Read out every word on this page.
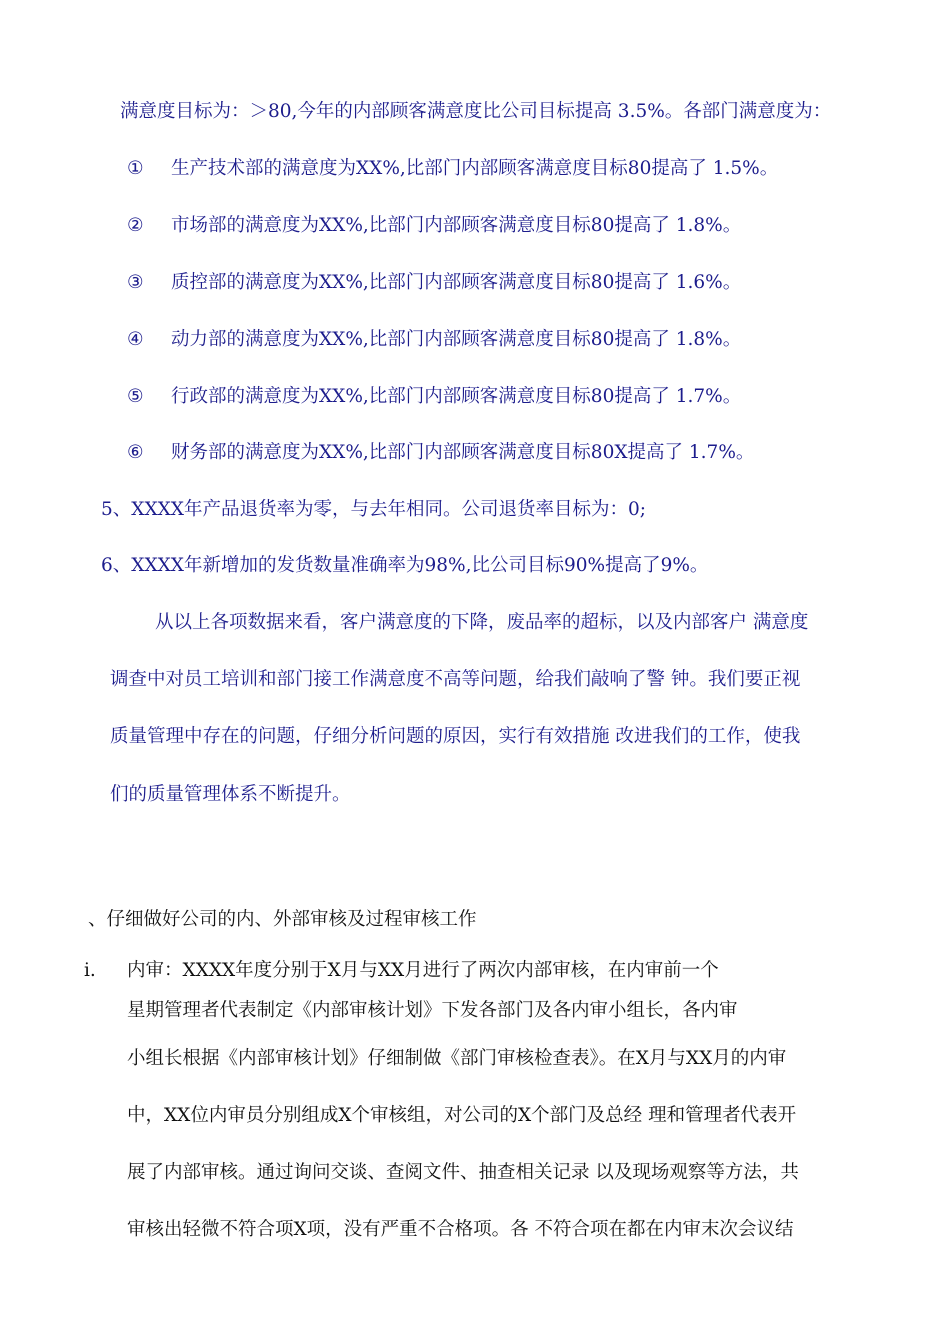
满意度目标为：＞80,今年的内部顾客满意度比公司目标提高 3.5%。各部门满意度为：
① 生产技术部的满意度为XX%,比部门内部顾客满意度目标80提高了 1.5%。
② 市场部的满意度为XX%,比部门内部顾客满意度目标80提高了 1.8%。
③ 质控部的满意度为XX%,比部门内部顾客满意度目标80提高了 1.6%。
④ 动力部的满意度为XX%,比部门内部顾客满意度目标80提高了 1.8%。
⑤ 行政部的满意度为XX%,比部门内部顾客满意度目标80提高了 1.7%。
⑥ 财务部的满意度为XX%,比部门内部顾客满意度目标80X提高了 1.7%。
5、XXXX年产品退货率为零，与去年相同。公司退货率目标为：0;
6、XXXX年新增加的发货数量准确率为98%,比公司目标90%提高了9%。
从以上各项数据来看，客户满意度的下降，废品率的超标，以及内部客户 满意度
调查中对员工培训和部门接工作满意度不高等问题，给我们敲响了警 钟。我们要正视
质量管理中存在的问题，仔细分析问题的原因，实行有效措施 改进我们的工作，使我
们的质量管理体系不断提升。
、仔细做好公司的内、外部审核及过程审核工作
i. 内审：XXXX年度分别于X月与XX月进行了两次内部审核，在内审前一个
星期管理者代表制定《内部审核计划》下发各部门及各内审小组长，各内审
小组长根据《内部审核计划》仔细制做《部门审核检查表》。在X月与XX月的内审
中，XX位内审员分别组成X个审核组，对公司的X个部门及总经 理和管理者代表开
展了内部审核。通过询问交谈、查阅文件、抽查相关记录 以及现场观察等方法，共
审核出轻微不符合项X项，没有严重不合格项。各 不符合项在都在内审末次会议结
